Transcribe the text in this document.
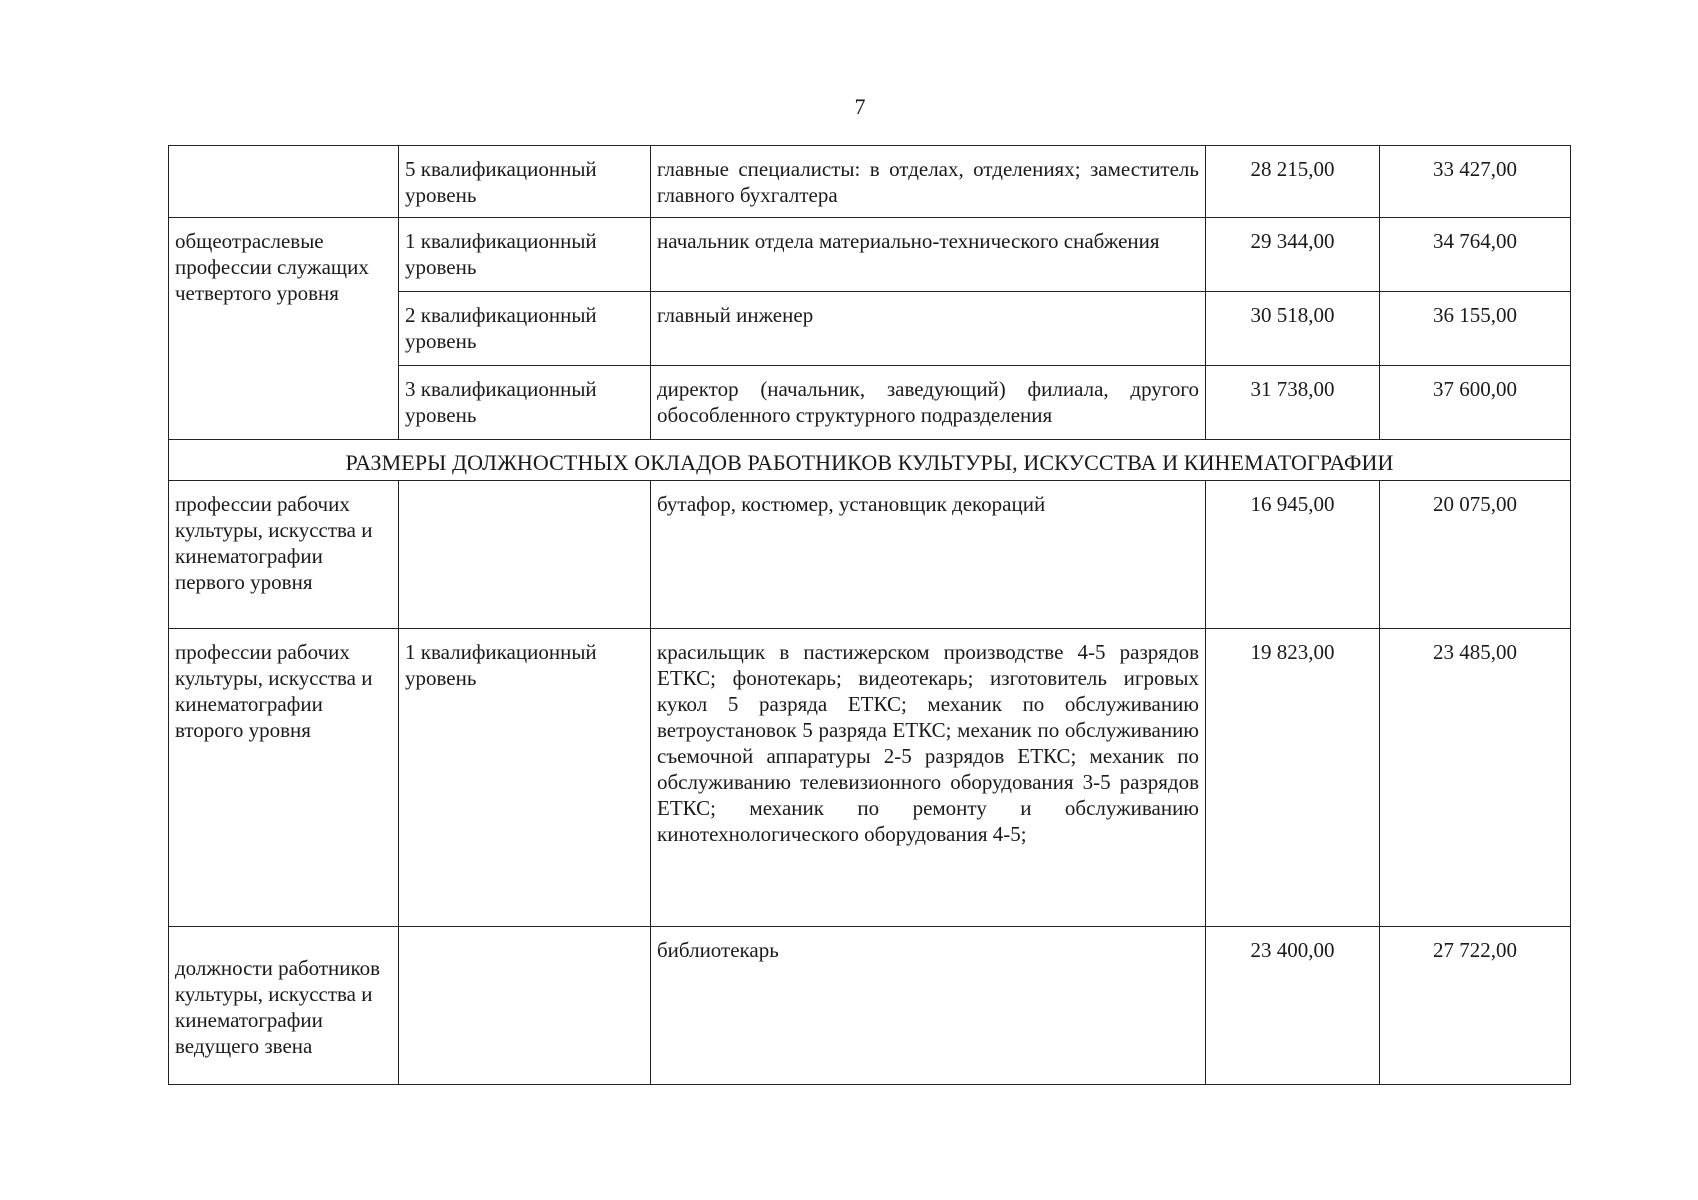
7
	5 квалификационный уровень	главные специалисты: в отделах, отделениях; заместитель главного бухгалтера	28 215,00	33 427,00
общеотраслевые профессии служащих четвертого уровня	1 квалификационный уровень	начальник отдела материально-технического снабжения	29 344,00	34 764,00
	2 квалификационный уровень	главный инженер	30 518,00	36 155,00
	3 квалификационный уровень	директор (начальник, заведующий) филиала, другого обособленного структурного подразделения	31 738,00	37 600,00
РАЗМЕРЫ ДОЛЖНОСТНЫХ ОКЛАДОВ РАБОТНИКОВ КУЛЬТУРЫ, ИСКУССТВА И КИНЕМАТОГРАФИИ				
профессии рабочих культуры, искусства и кинематографии первого уровня		бутафор, костюмер, установщик декораций	16 945,00	20 075,00
профессии рабочих культуры, искусства и кинематографии второго уровня	1 квалификационный уровень	красильщик в пастижерском производстве 4-5 разрядов ЕТКС; фонотекарь; видеотекарь; изготовитель игровых кукол 5 разряда ЕТКС; механик по обслуживанию ветроустановок 5 разряда ЕТКС; механик по обслуживанию съемочной аппаратуры 2-5 разрядов ЕТКС; механик по обслуживанию телевизионного оборудования 3-5 разрядов ЕТКС; механик по ремонту и обслуживанию кинотехнологического оборудования 4-5;	19 823,00	23 485,00
должности работников культуры, искусства и кинематографии ведущего звена		библиотекарь	23 400,00	27 722,00
